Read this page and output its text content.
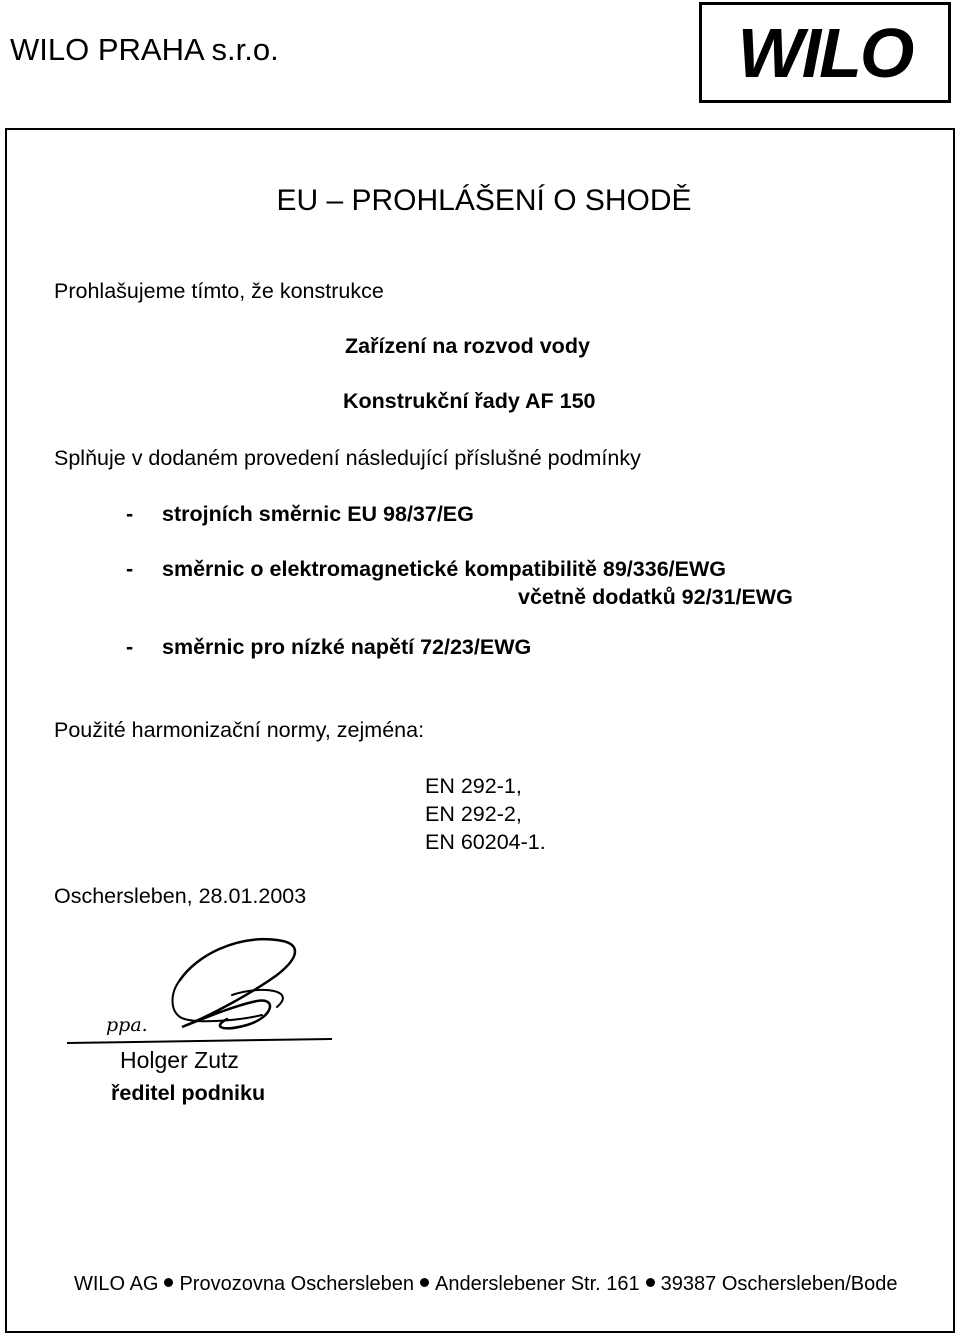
WILO PRAHA s.r.o.	WILO
EU – PROHLÁŠENÍ O SHODĚ
Prohlašujeme tímto, že konstrukce
Zařízení na rozvod vody
Konstrukční řady AF 150
Splňuje v dodaném provedení následující příslušné podmínky
- strojních směrnic EU 98/37/EG
- směrnic o elektromagnetické kompatibilitě 89/336/EWG
včetně dodatků 92/31/EWG
- směrnic pro nízké napětí 72/23/EWG
Použité harmonizační normy, zejména:
EN 292-1,
EN 292-2,
EN 60204-1.
Oschersleben, 28.01.2003
ppa.
Holger Zutz
ředitel podniku
WILO AG Provozovna Oschersleben Anderslebener Str. 161 39387 Oschersleben/Bode
